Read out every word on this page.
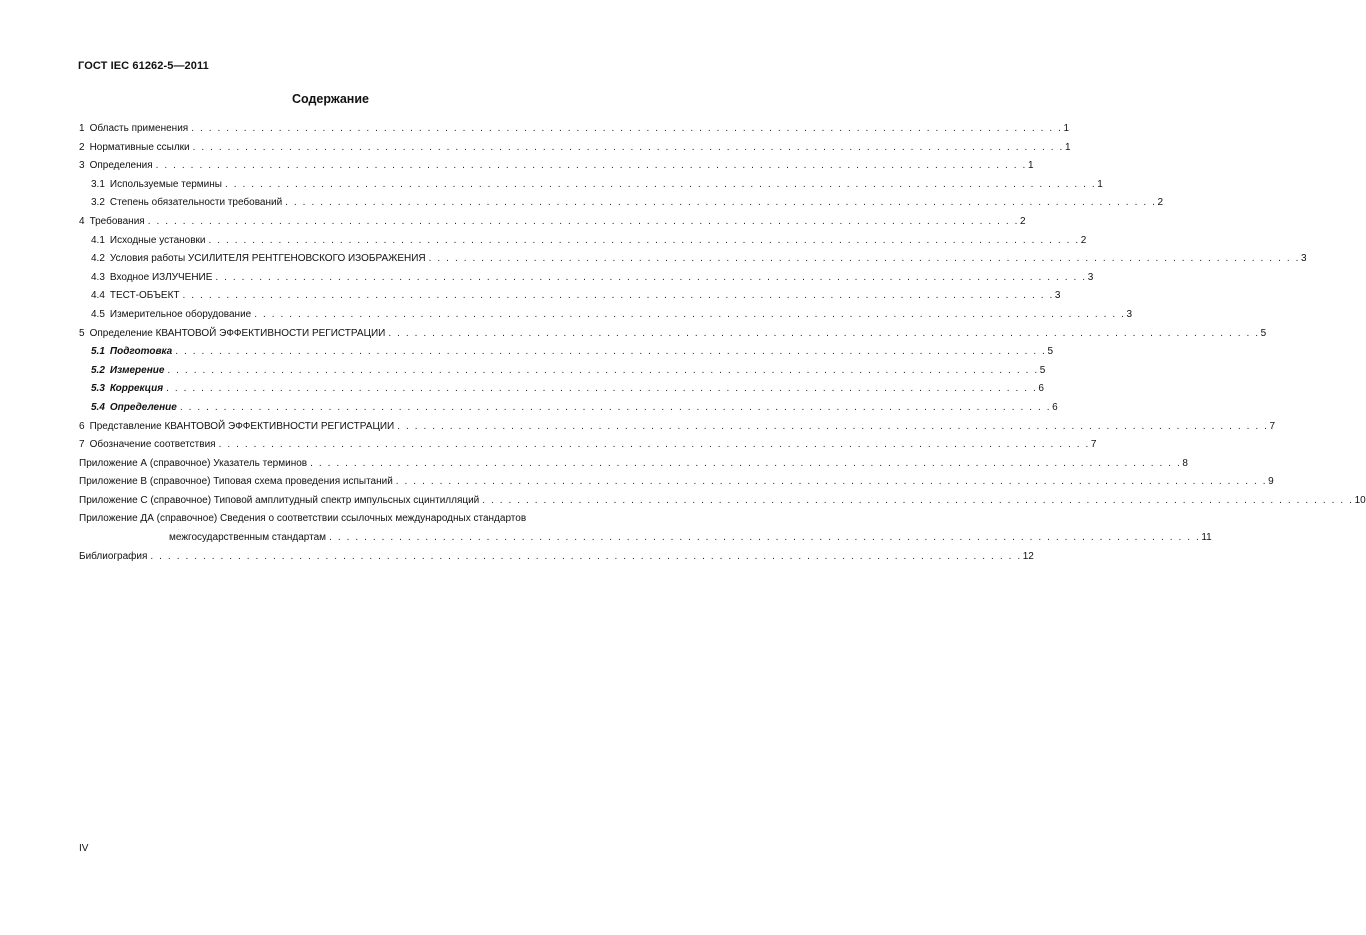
ГОСТ IEC 61262-5—2011
Содержание
1 Область применения . . . . . . . . . . . . . . . . . . . . . . . . . . . . . . . . . . . . . . . . . . . . . . . . . . . . . . . . . . . . . . . . . . . . . . . . . . . . . . . . . . . . . . . . . . . . . . . . . . . . 1
2 Нормативные ссылки . . . . . . . . . . . . . . . . . . . . . . . . . . . . . . . . . . . . . . . . . . . . . . . . . . . . . . . . . . . . . . . . . . . . . . . . . . . . . . . . . . . . . . . . . . . . . . . . . . . . 1
3 Определения . . . . . . . . . . . . . . . . . . . . . . . . . . . . . . . . . . . . . . . . . . . . . . . . . . . . . . . . . . . . . . . . . . . . . . . . . . . . . . . . . . . . . . . . . . . . . . . . . . . . 1
3.1 Используемые термины . . . . . . . . . . . . . . . . . . . . . . . . . . . . . . . . . . . . . . . . . . . . . . . . . . . . . . . . . . . . . . . . . . . . . . . . . . . . . . . . . . . . . . . . . . . . . . . . . . . . 1
3.2 Степень обязательности требований . . . . . . . . . . . . . . . . . . . . . . . . . . . . . . . . . . . . . . . . . . . . . . . . . . . . . . . . . . . . . . . . . . . . . . . . . . . . . . . . . . . . . . . . . . . . . . . . . . . . 2
4 Требования . . . . . . . . . . . . . . . . . . . . . . . . . . . . . . . . . . . . . . . . . . . . . . . . . . . . . . . . . . . . . . . . . . . . . . . . . . . . . . . . . . . . . . . . . . . . . . . . . . . . 2
4.1 Исходные установки . . . . . . . . . . . . . . . . . . . . . . . . . . . . . . . . . . . . . . . . . . . . . . . . . . . . . . . . . . . . . . . . . . . . . . . . . . . . . . . . . . . . . . . . . . . . . . . . . . . . 2
4.2 Условия работы УСИЛИТЕЛЯ РЕНТГЕНОВСКОГО ИЗОБРАЖЕНИЯ . . . . . . . . . . . . . . . . . . . . . . . . . . . . . . . . . . . . . . . . . . . . . . . . . . . . . . . . . . . . . . . . . . . . . . . . . . . . . . . . . . . . . . . . . . . . . . . . . . . . 3
4.3 Входное ИЗЛУЧЕНИЕ . . . . . . . . . . . . . . . . . . . . . . . . . . . . . . . . . . . . . . . . . . . . . . . . . . . . . . . . . . . . . . . . . . . . . . . . . . . . . . . . . . . . . . . . . . . . . . . . . . . . 3
4.4 ТЕСТ-ОБЪЕКТ . . . . . . . . . . . . . . . . . . . . . . . . . . . . . . . . . . . . . . . . . . . . . . . . . . . . . . . . . . . . . . . . . . . . . . . . . . . . . . . . . . . . . . . . . . . . . . . . . . . . 3
4.5 Измерительное оборудование . . . . . . . . . . . . . . . . . . . . . . . . . . . . . . . . . . . . . . . . . . . . . . . . . . . . . . . . . . . . . . . . . . . . . . . . . . . . . . . . . . . . . . . . . . . . . . . . . . . . 3
5 Определение КВАНТОВОЙ ЭФФЕКТИВНОСТИ РЕГИСТРАЦИИ . . . . . . . . . . . . . . . . . . . . . . . . . . . . . . . . . . . . . . . . . . . . . . . . . . . . . . . . . . . . . . . . . . . . . . . . . . . . . . . . . . . . . . . . . . . . . . . . . . . . 5
5.1 Подготовка . . . . . . . . . . . . . . . . . . . . . . . . . . . . . . . . . . . . . . . . . . . . . . . . . . . . . . . . . . . . . . . . . . . . . . . . . . . . . . . . . . . . . . . . . . . . . . . . . . . . 5
5.2 Измерение . . . . . . . . . . . . . . . . . . . . . . . . . . . . . . . . . . . . . . . . . . . . . . . . . . . . . . . . . . . . . . . . . . . . . . . . . . . . . . . . . . . . . . . . . . . . . . . . . . . . 5
5.3 Коррекция . . . . . . . . . . . . . . . . . . . . . . . . . . . . . . . . . . . . . . . . . . . . . . . . . . . . . . . . . . . . . . . . . . . . . . . . . . . . . . . . . . . . . . . . . . . . . . . . . . . . 6
5.4 Определение . . . . . . . . . . . . . . . . . . . . . . . . . . . . . . . . . . . . . . . . . . . . . . . . . . . . . . . . . . . . . . . . . . . . . . . . . . . . . . . . . . . . . . . . . . . . . . . . . . . . 6
6 Представление КВАНТОВОЙ ЭФФЕКТИВНОСТИ РЕГИСТРАЦИИ . . . . . . . . . . . . . . . . . . . . . . . . . . . . . . . . . . . . . . . . . . . . . . . . . . . . . . . . . . . . . . . . . . . . . . . . . . . . . . . . . . . . . . . . . . . . . . . . . . . . 7
7 Обозначение соответствия . . . . . . . . . . . . . . . . . . . . . . . . . . . . . . . . . . . . . . . . . . . . . . . . . . . . . . . . . . . . . . . . . . . . . . . . . . . . . . . . . . . . . . . . . . . . . . . . . . . . 7
Приложение А (справочное) Указатель терминов . . . . . . . . . . . . . . . . . . . . . . . . . . . . . . . . . . . . . . . . . . . . . . . . . . . . . . . . . . . . . . . . . . . . . . . . . . . . . . . . . . . . . . . . . . . . . . . . . . . . 8
Приложение В (справочное) Типовая схема проведения испытаний . . . . . . . . . . . . . . . . . . . . . . . . . . . . . . . . . . . . . . . . . . . . . . . . . . . . . . . . . . . . . . . . . . . . . . . . . . . . . . . . . . . . . . . . . . . . . . . . . . . . 9
Приложение С (справочное) Типовой амплитудный спектр импульсных сцинтилляций . . . . . . . . . . . . . . . . . . . . . . . . . . . . . . . . . . . . . . . . . . . . . . . . . . . . . . . . . . . . . . . . . . . . . . . . . . . . . . . . . . . . . . . . . . . . . . . . . . . . 10
Приложение ДА (справочное) Сведения о соответствии ссылочных международных стандартов
межгосударственным стандартам . . . . . . . . . . . . . . . . . . . . . . . . . . . . . . . . . . . . . . . . . . . . . . . . . . . . . . . . . . . . . . . . . . . . . . . . . . . . . . . . . . . . . . . . . . . . . . . . . . . . 11
Библиография . . . . . . . . . . . . . . . . . . . . . . . . . . . . . . . . . . . . . . . . . . . . . . . . . . . . . . . . . . . . . . . . . . . . . . . . . . . . . . . . . . . . . . . . . . . . . . . . . . . . 12
IV
